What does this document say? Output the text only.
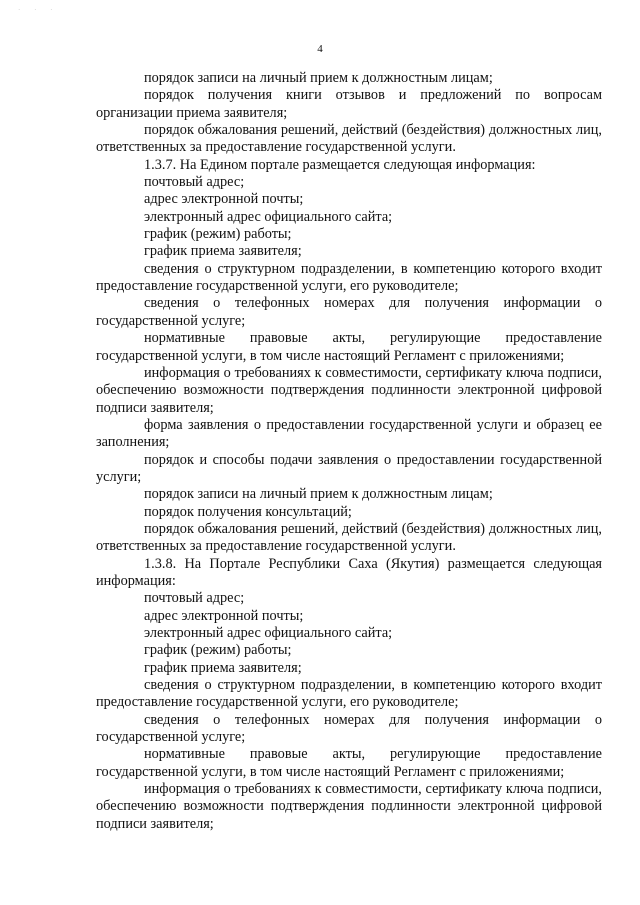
· · ·
4

порядок записи на личный прием к должностным лицам;

порядок получения книги отзывов и предложений по вопросам организации приема заявителя;

порядок обжалования решений, действий (бездействия) должностных лиц, ответственных за предоставление государственной услуги.

1.3.7. На Едином портале размещается следующая информация:

почтовый адрес;

адрес электронной почты;

электронный адрес официального сайта;

график (режим) работы;

график приема заявителя;

сведения о структурном подразделении, в компетенцию которого входит предоставление государственной услуги, его руководителе;

сведения о телефонных номерах для получения информации о государственной услуге;

нормативные правовые акты, регулирующие предоставление государственной услуги, в том числе настоящий Регламент с приложениями;

информация о требованиях к совместимости, сертификату ключа подписи, обеспечению возможности подтверждения подлинности электронной цифровой подписи заявителя;

форма заявления о предоставлении государственной услуги и образец ее заполнения;

порядок и способы подачи заявления о предоставлении государственной услуги;

порядок записи на личный прием к должностным лицам;

порядок получения консультаций;

порядок обжалования решений, действий (бездействия) должностных лиц, ответственных за предоставление государственной услуги.

1.3.8. На Портале Республики Саха (Якутия) размещается следующая информация:

почтовый адрес;

адрес электронной почты;

электронный адрес официального сайта;

график (режим) работы;

график приема заявителя;

сведения о структурном подразделении, в компетенцию которого входит предоставление государственной услуги, его руководителе;

сведения о телефонных номерах для получения информации о государственной услуге;

нормативные правовые акты, регулирующие предоставление государственной услуги, в том числе настоящий Регламент с приложениями;

информация о требованиях к совместимости, сертификату ключа подписи, обеспечению возможности подтверждения подлинности электронной цифровой подписи заявителя;
